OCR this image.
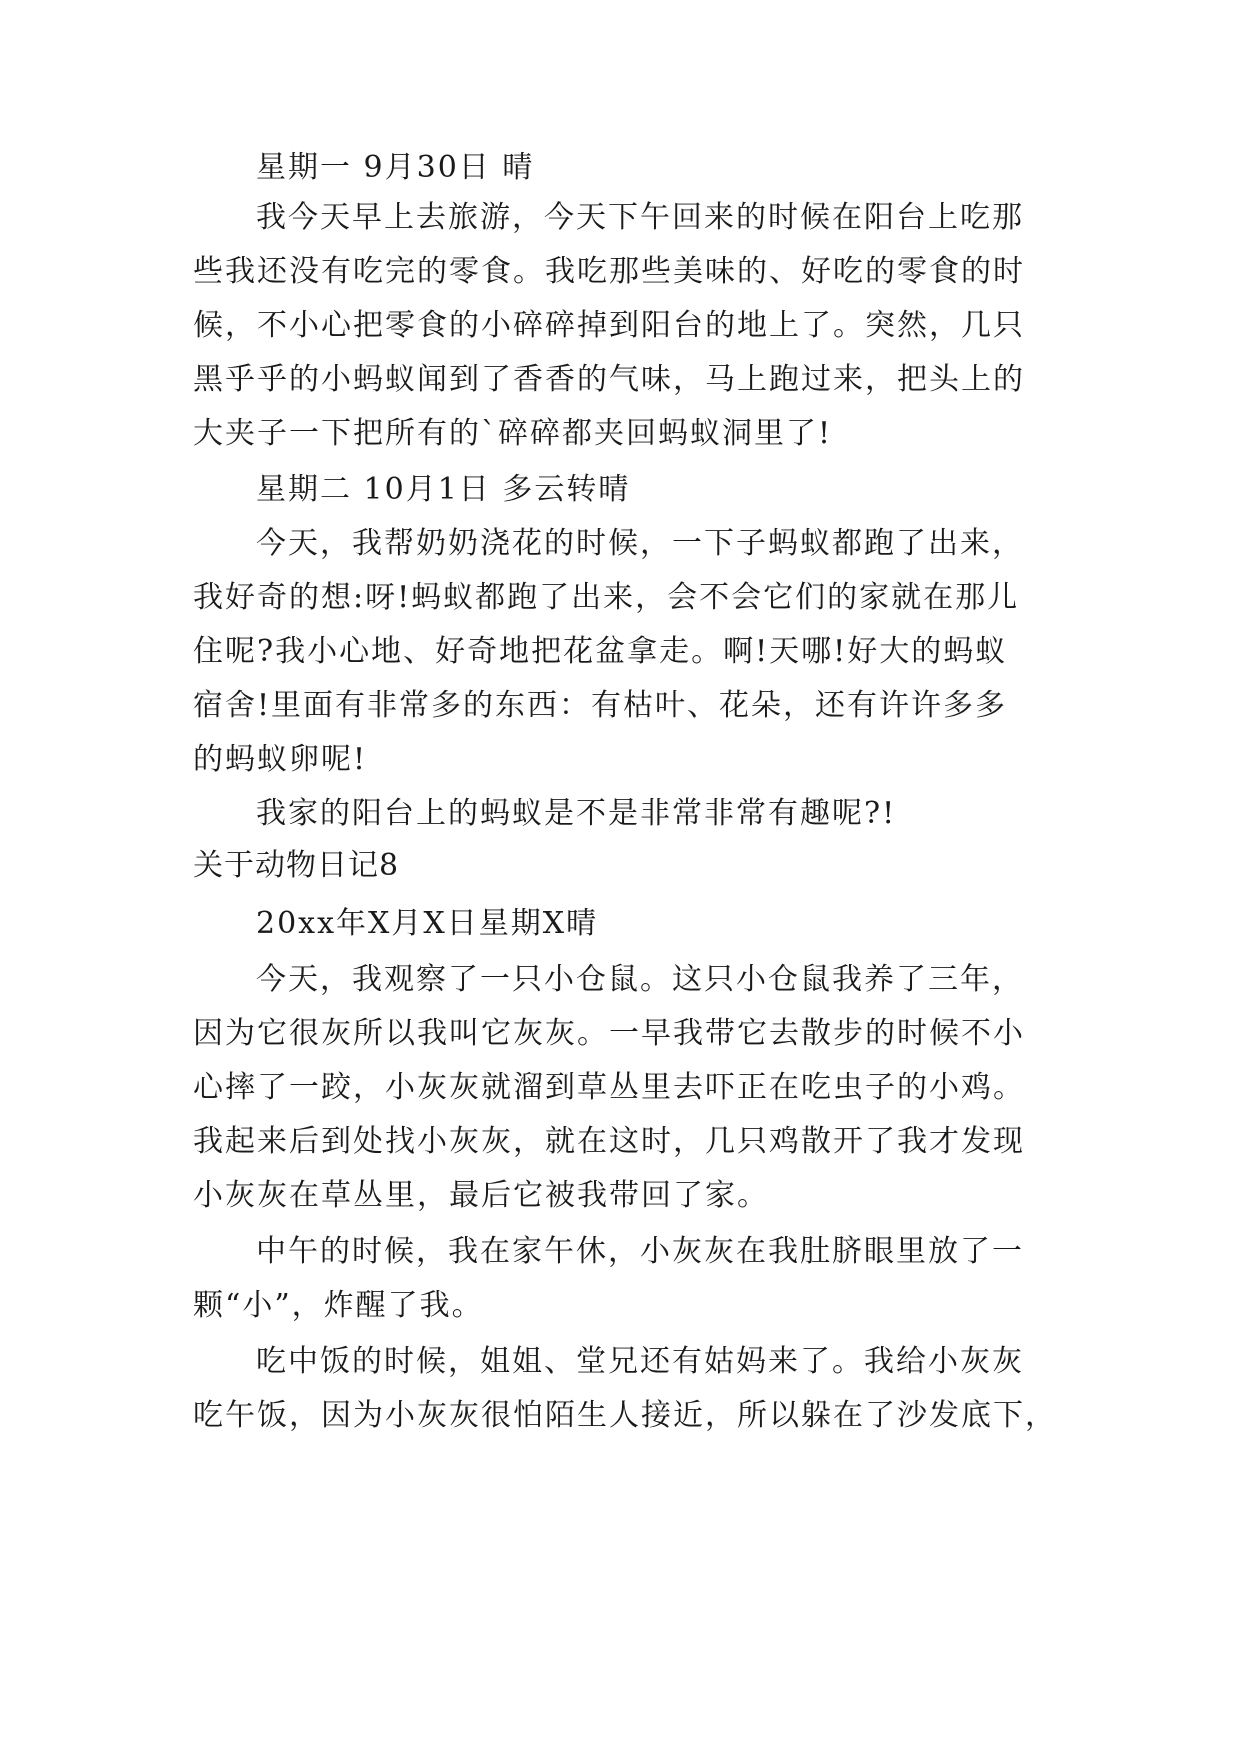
星期一 9月30日 晴
我今天早上去旅游，今天下午回来的时候在阳台上吃那
些我还没有吃完的零食。我吃那些美味的、好吃的零食的时
候，不小心把零食的小碎碎掉到阳台的地上了。突然，几只
黑乎乎的小蚂蚁闻到了香香的气味，马上跑过来，把头上的
大夹子一下把所有的`碎碎都夹回蚂蚁洞里了!
星期二 10月1日 多云转晴
今天，我帮奶奶浇花的时候，一下子蚂蚁都跑了出来，
我好奇的想:呀!蚂蚁都跑了出来，会不会它们的家就在那儿
住呢?我小心地、好奇地把花盆拿走。啊!天哪!好大的蚂蚁
宿舍!里面有非常多的东西：有枯叶、花朵，还有许许多多
的蚂蚁卵呢!
我家的阳台上的蚂蚁是不是非常非常有趣呢?!
关于动物日记8
20xx年X月X日星期X晴
今天，我观察了一只小仓鼠。这只小仓鼠我养了三年，
因为它很灰所以我叫它灰灰。一早我带它去散步的时候不小
心摔了一跤，小灰灰就溜到草丛里去吓正在吃虫子的小鸡。
我起来后到处找小灰灰，就在这时，几只鸡散开了我才发现
小灰灰在草丛里，最后它被我带回了家。
中午的时候，我在家午休，小灰灰在我肚脐眼里放了一
颗“小”，炸醒了我。
吃中饭的时候，姐姐、堂兄还有姑妈来了。我给小灰灰
吃午饭，因为小灰灰很怕陌生人接近，所以躲在了沙发底下，
